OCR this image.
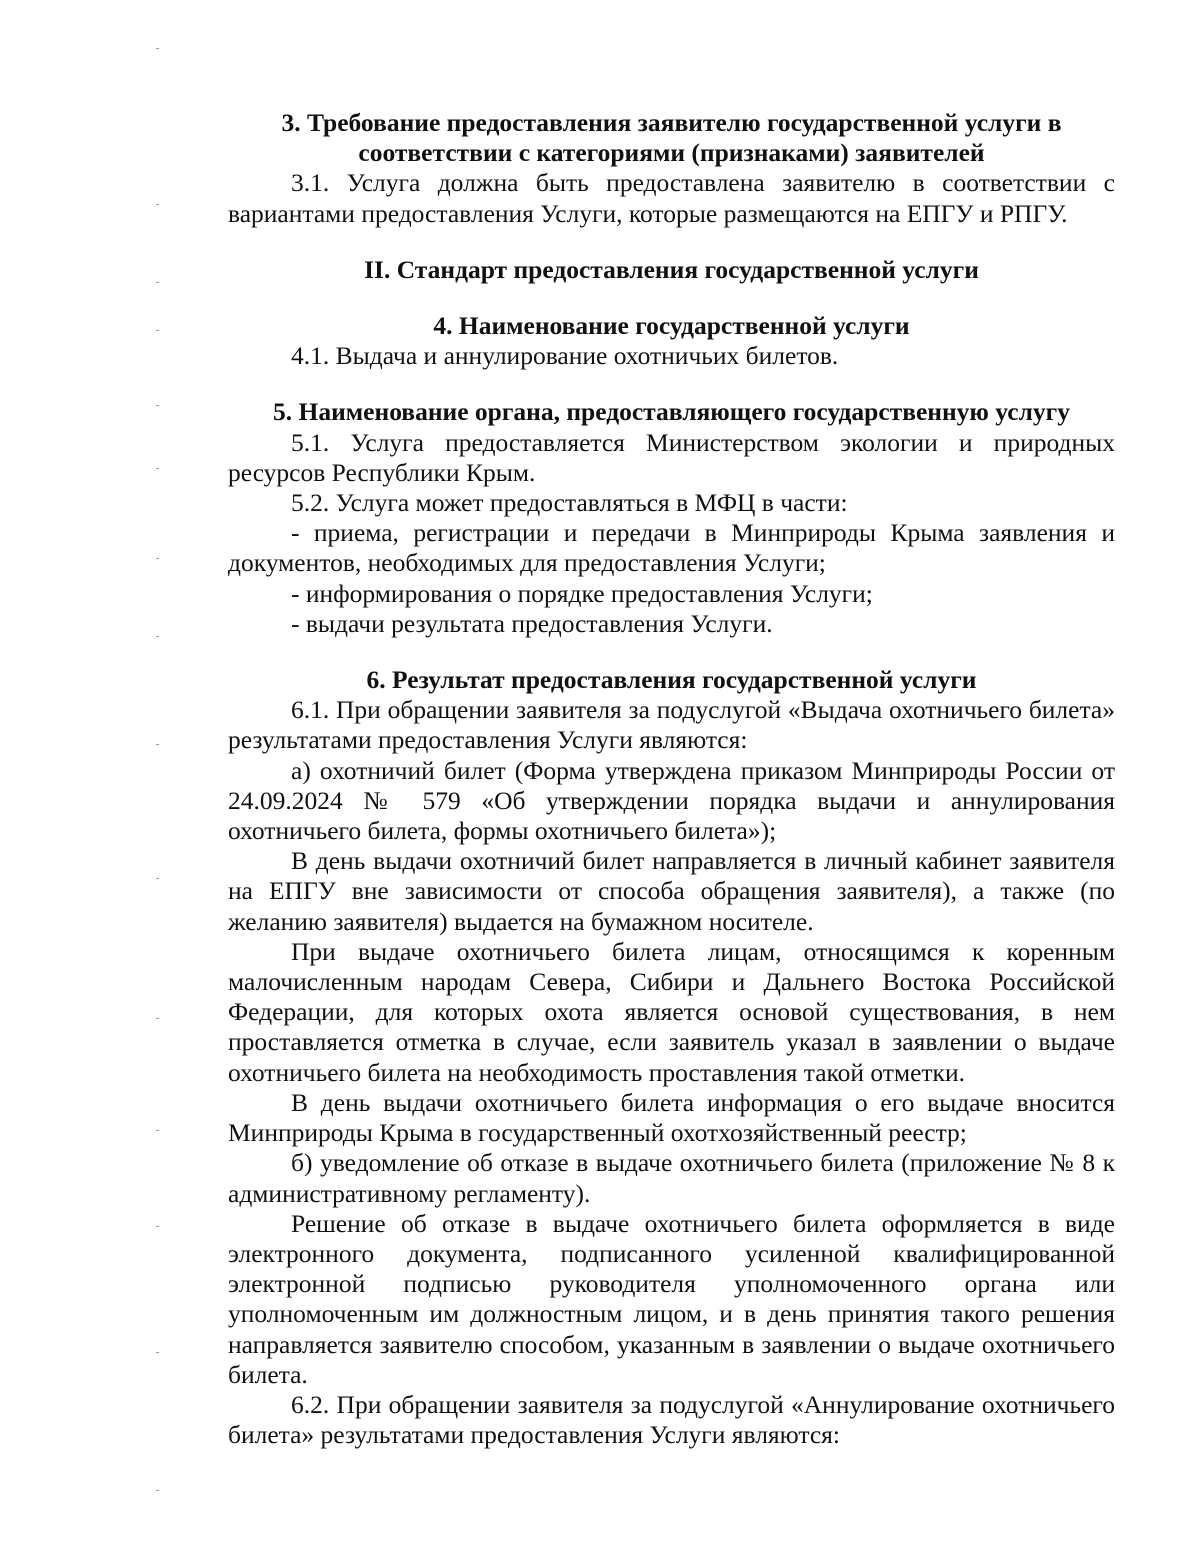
3. Требование предоставления заявителю государственной услуги в

соответствии с категориями (признаками) заявителей

3.1. Услуга должна быть предоставлена заявителю в соответствии с вариантами предоставления Услуги, которые размещаются на ЕПГУ и РПГУ.

II. Стандарт предоставления государственной услуги

4. Наименование государственной услуги

4.1. Выдача и аннулирование охотничьих билетов.

5. Наименование органа, предоставляющего государственную услугу

5.1. Услуга предоставляется Министерством экологии и природных ресурсов Республики Крым.

5.2. Услуга может предоставляться в МФЦ в части:

- приема, регистрации и передачи в Минприроды Крыма заявления и документов, необходимых для предоставления Услуги;

- информирования о порядке предоставления Услуги;

- выдачи результата предоставления Услуги.

6. Результат предоставления государственной услуги

6.1. При обращении заявителя за подуслугой «Выдача охотничьего билета» результатами предоставления Услуги являются:

а) охотничий билет (Форма утверждена приказом Минприроды России от 24.09.2024 № 579 «Об утверждении порядка выдачи и аннулирования охотничьего билета, формы охотничьего билета»);

В день выдачи охотничий билет направляется в личный кабинет заявителя на ЕПГУ вне зависимости от способа обращения заявителя), а также (по желанию заявителя) выдается на бумажном носителе.

При выдаче охотничьего билета лицам, относящимся к коренным малочисленным народам Севера, Сибири и Дальнего Востока Российской Федерации, для которых охота является основой существования, в нем проставляется отметка в случае, если заявитель указал в заявлении о выдаче охотничьего билета на необходимость проставления такой отметки.

В день выдачи охотничьего билета информация о его выдаче вносится Минприроды Крыма в государственный охотхозяйственный реестр;

б) уведомление об отказе в выдаче охотничьего билета (приложение № 8 к административному регламенту).

Решение об отказе в выдаче охотничьего билета оформляется в виде электронного документа, подписанного усиленной квалифицированной электронной подписью руководителя уполномоченного органа или уполномоченным им должностным лицом, и в день принятия такого решения направляется заявителю способом, указанным в заявлении о выдаче охотничьего билета.

6.2. При обращении заявителя за подуслугой «Аннулирование охотничьего билета» результатами предоставления Услуги являются:
